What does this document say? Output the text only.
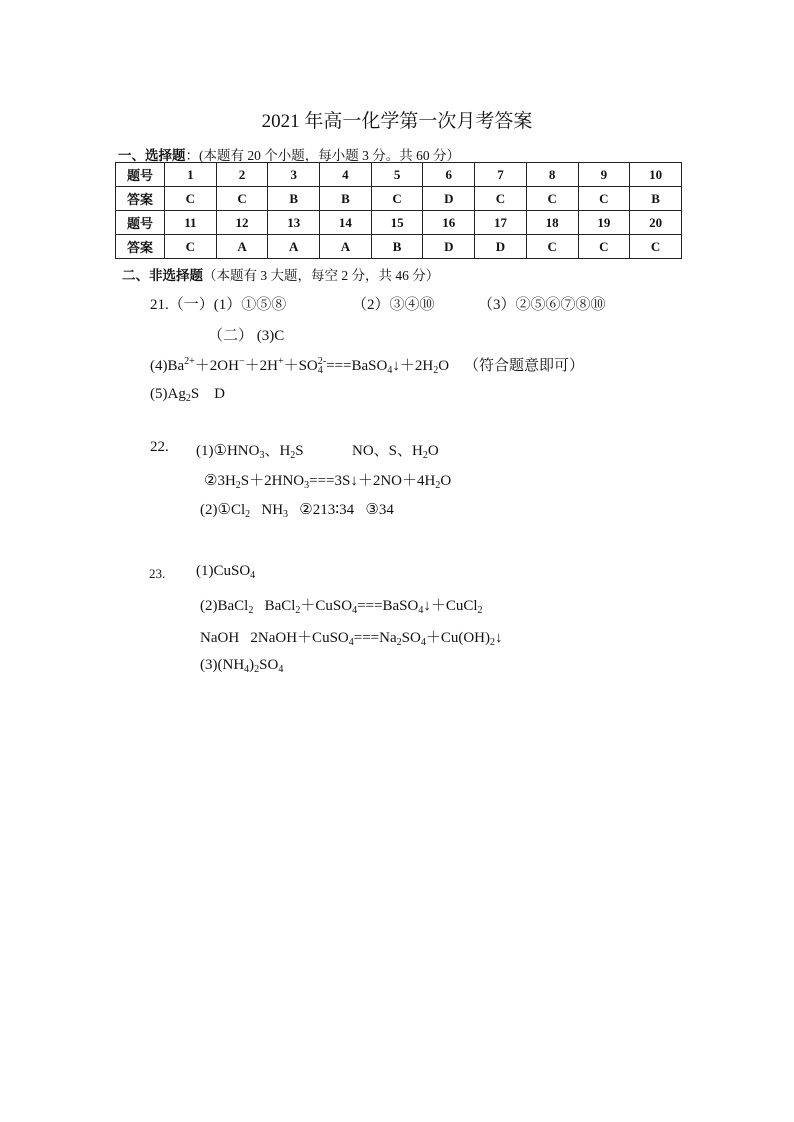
2021 年高一化学第一次月考答案
一、选择题：(本题有 20 个小题，每小题 3 分。共 60 分）
题号	1	2	3	4	5	6	7	8	9	10
答案	C	C	B	B	C	D	C	C	C	B
题号	11	12	13	14	15	16	17	18	19	20
答案	C	A	A	A	B	D	D	C	C	C
二、非选择题（本题有 3 大题，每空 2 分，共 46 分）
21.（一）(1）①⑤⑧	（2）③④⑩	（3）②⑤⑥⑦⑧⑩
（二） (3)C
$(4)Ba^{2+}+2OH^-+2H^++SO_4^{2-}===BaSO_4↓+2H_2O$    （符合题意即可）
$(5)Ag_2S$    D
22. $(1)①HNO_3$、$H_2S$	NO、S、$H_2O$
$②3H_2S+2HNO_3===3S↓+2NO+4H_2O$
$(2)①Cl_2$ $NH_3$ ②213∶34 ③34
23. (1)CuSO$_4$
(2)BaCl$_2$   BaCl$_2$＋CuSO$_4$===BaSO$_4$↓＋CuCl$_2$
NaOH   $2NaOH+CuSO_4===Na_2SO_4+Cu(OH)_2↓$
$(3)(NH_4)_2SO_4$
